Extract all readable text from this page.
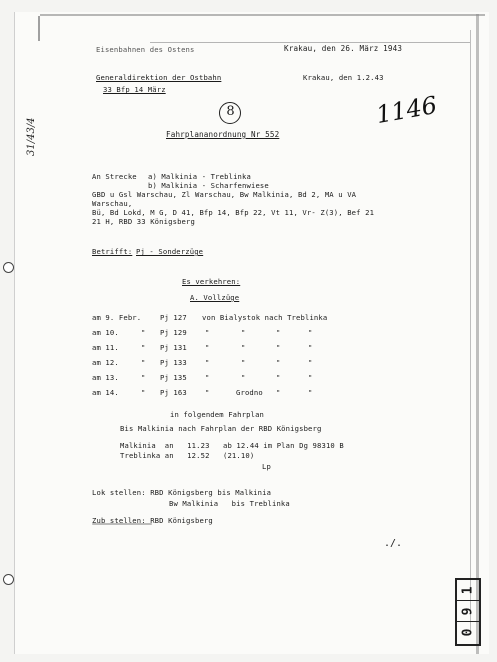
Eisenbahnen des Ostens	Krakau, den 26. März 1943
Generaldirektion der Ostbahn	Krakau, den 1.2.43
33 Bfp 14 März
8	1146
31/43/4	Fahrplananordnung Nr 552
An Strecke a) Malkinia - Treblinka
b) Malkinia - Scharfenwiese
GBD u Gsl Warschau, Zl Warschau, Bw Malkinia, Bd 2, MA u VA
Warschau,
Bü, Bd Lokd, M G, D 41, Bfp 14, Bfp 22, Vt 11, Vr- Z(3), Bef 21
21 H, RBD 33 Königsberg
Betrifft: Pj - Sonderzüge
Es verkehren:
A. Vollzüge
am 9. Febr.	Pj 127 von Bialystok nach Treblinka
am 10.	" Pj 129	"	"	"	"
am 11.	" Pj 131	"	"	"	"
am 12.	" Pj 133	"	"	"	"
am 13.	" Pj 135	"	"	"	"
am 14.	" Pj 163	"	Grodno "	"
in folgendem Fahrplan
Bis Malkinia nach Fahrplan der RBD Königsberg
Malkinia  an   11.23   ab 12.44 im Plan Dg 98310 B
Treblinka an   12.52   (21.10)
Lp
Lok stellen: RBD Königsberg bis Malkinia
Bw Malkinia   bis Treblinka
Zub stellen: RBD Königsberg
./.
1
9
0
